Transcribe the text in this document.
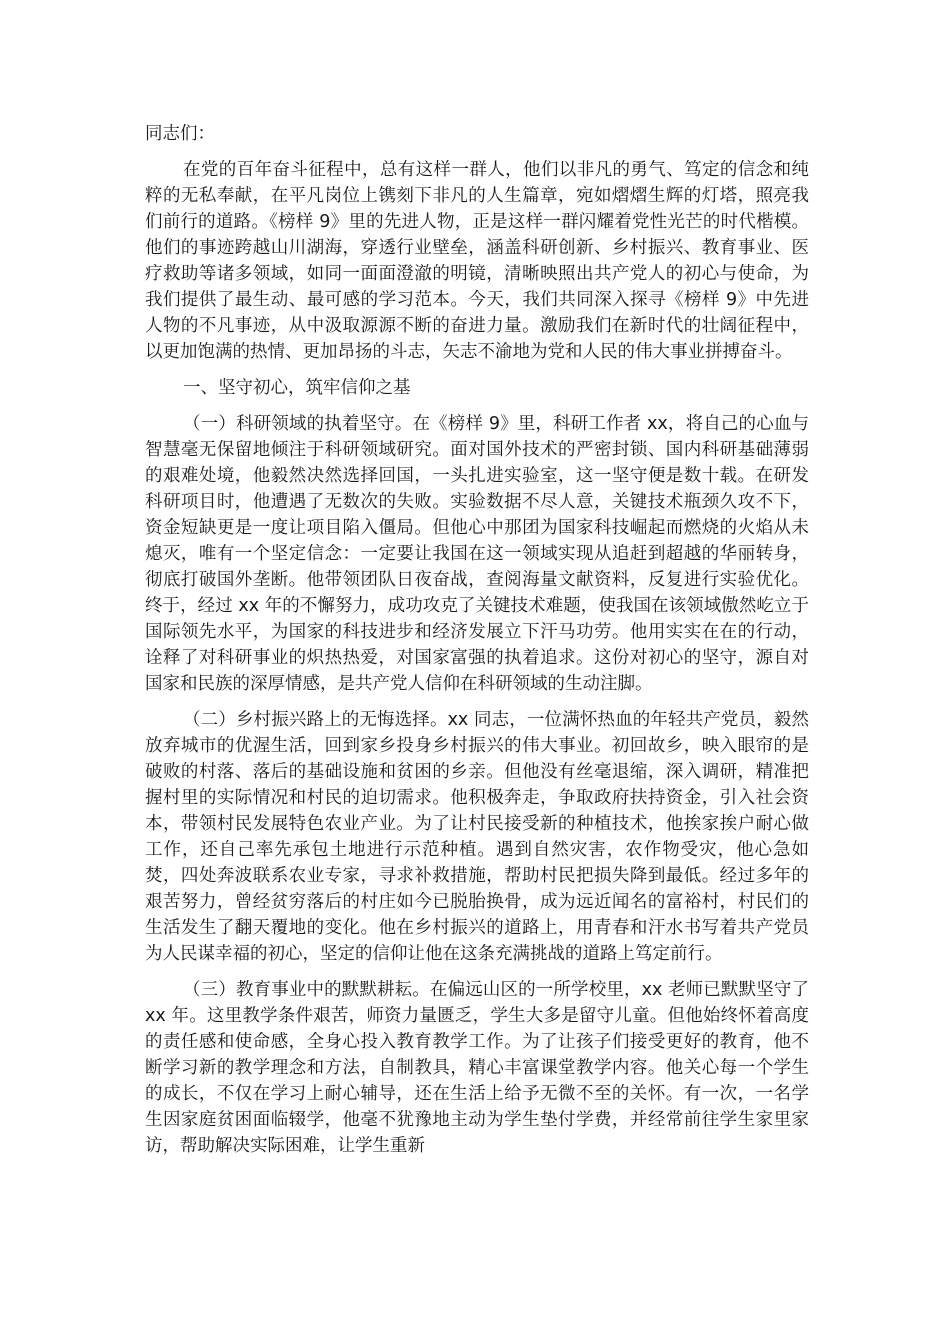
同志们：

在党的百年奋斗征程中，总有这样一群人，他们以非凡的勇气、笃定的信念和纯粹的无私奉献，在平凡岗位上镌刻下非凡的人生篇章，宛如熠熠生辉的灯塔，照亮我们前行的道路。《榜样 9》里的先进人物，正是这样一群闪耀着党性光芒的时代楷模。他们的事迹跨越山川湖海，穿透行业壁垒，涵盖科研创新、乡村振兴、教育事业、医疗救助等诸多领域，如同一面面澄澈的明镜，清晰映照出共产党人的初心与使命，为我们提供了最生动、最可感的学习范本。今天，我们共同深入探寻《榜样 9》中先进人物的不凡事迹，从中汲取源源不断的奋进力量。激励我们在新时代的壮阔征程中，以更加饱满的热情、更加昂扬的斗志，矢志不渝地为党和人民的伟大事业拼搏奋斗。

一、坚守初心，筑牢信仰之基

（一）科研领域的执着坚守。在《榜样 9》里，科研工作者 xx，将自己的心血与智慧毫无保留地倾注于科研领域研究。面对国外技术的严密封锁、国内科研基础薄弱的艰难处境，他毅然决然选择回国，一头扎进实验室，这一坚守便是数十载。在研发科研项目时，他遭遇了无数次的失败。实验数据不尽人意，关键技术瓶颈久攻不下，资金短缺更是一度让项目陷入僵局。但他心中那团为国家科技崛起而燃烧的火焰从未熄灭，唯有一个坚定信念：一定要让我国在这一领域实现从追赶到超越的华丽转身，彻底打破国外垄断。他带领团队日夜奋战，查阅海量文献资料，反复进行实验优化。终于，经过 xx 年的不懈努力，成功攻克了关键技术难题，使我国在该领域傲然屹立于国际领先水平，为国家的科技进步和经济发展立下汗马功劳。他用实实在在的行动，诠释了对科研事业的炽热热爱，对国家富强的执着追求。这份对初心的坚守，源自对国家和民族的深厚情感，是共产党人信仰在科研领域的生动注脚。

（二）乡村振兴路上的无悔选择。xx 同志，一位满怀热血的年轻共产党员，毅然放弃城市的优渥生活，回到家乡投身乡村振兴的伟大事业。初回故乡，映入眼帘的是破败的村落、落后的基础设施和贫困的乡亲。但他没有丝毫退缩，深入调研，精准把握村里的实际情况和村民的迫切需求。他积极奔走，争取政府扶持资金，引入社会资本，带领村民发展特色农业产业。为了让村民接受新的种植技术，他挨家挨户耐心做工作，还自己率先承包土地进行示范种植。遇到自然灾害，农作物受灾，他心急如焚，四处奔波联系农业专家，寻求补救措施，帮助村民把损失降到最低。经过多年的艰苦努力，曾经贫穷落后的村庄如今已脱胎换骨，成为远近闻名的富裕村，村民们的生活发生了翻天覆地的变化。他在乡村振兴的道路上，用青春和汗水书写着共产党员为人民谋幸福的初心，坚定的信仰让他在这条充满挑战的道路上笃定前行。

（三）教育事业中的默默耕耘。在偏远山区的一所学校里，xx 老师已默默坚守了 xx 年。这里教学条件艰苦，师资力量匮乏，学生大多是留守儿童。但他始终怀着高度的责任感和使命感，全身心投入教育教学工作。为了让孩子们接受更好的教育，他不断学习新的教学理念和方法，自制教具，精心丰富课堂教学内容。他关心每一个学生的成长，不仅在学习上耐心辅导，还在生活上给予无微不至的关怀。有一次，一名学生因家庭贫困面临辍学，他毫不犹豫地主动为学生垫付学费，并经常前往学生家里家访，帮助解决实际困难，让学生重新
